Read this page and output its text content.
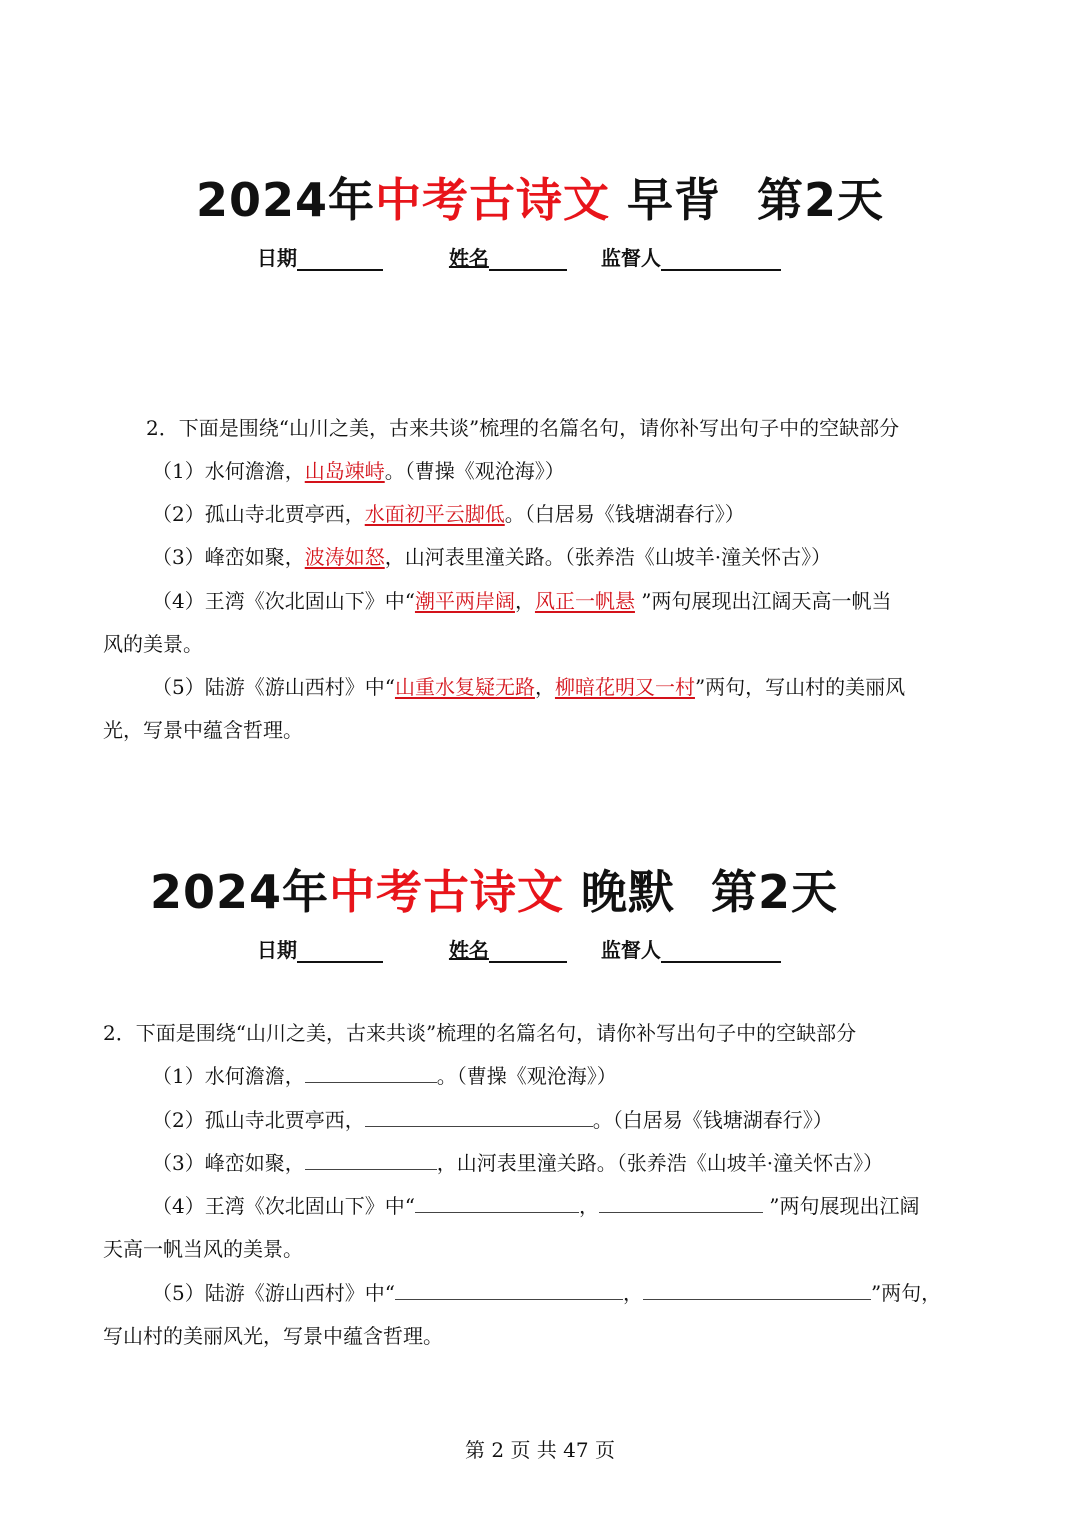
2024年中考古诗文 早背 第2天
日期	姓名	监督人
2．下面是围绕“山川之美，古来共谈”梳理的名篇名句，请你补写出句子中的空缺部分
（1）水何澹澹，山岛竦峙。（曹操《观沧海》）
（2）孤山寺北贾亭西，水面初平云脚低。（白居易《钱塘湖春行》）
（3）峰峦如聚，波涛如怒，山河表里潼关路。（张养浩《山坡羊·潼关怀古》）
（4）王湾《次北固山下》中“潮平两岸阔，风正一帆悬 ”两句展现出江阔天高一帆当
风的美景。
（5）陆游《游山西村》中“山重水复疑无路，柳暗花明又一村”两句，写山村的美丽风
光，写景中蕴含哲理。
2024年中考古诗文 晚默 第2天
日期	姓名	监督人
2．下面是围绕“山川之美，古来共谈”梳理的名篇名句，请你补写出句子中的空缺部分
（1）水何澹澹，	。（曹操《观沧海》）
（2）孤山寺北贾亭西，	。（白居易《钱塘湖春行》）
（3）峰峦如聚，	，山河表里潼关路。（张养浩《山坡羊·潼关怀古》）
（4）王湾《次北固山下》中“	，	”两句展现出江阔
天高一帆当风的美景。
（5）陆游《游山西村》中“	，	”两句，
写山村的美丽风光，写景中蕴含哲理。
第 2 页 共 47 页
